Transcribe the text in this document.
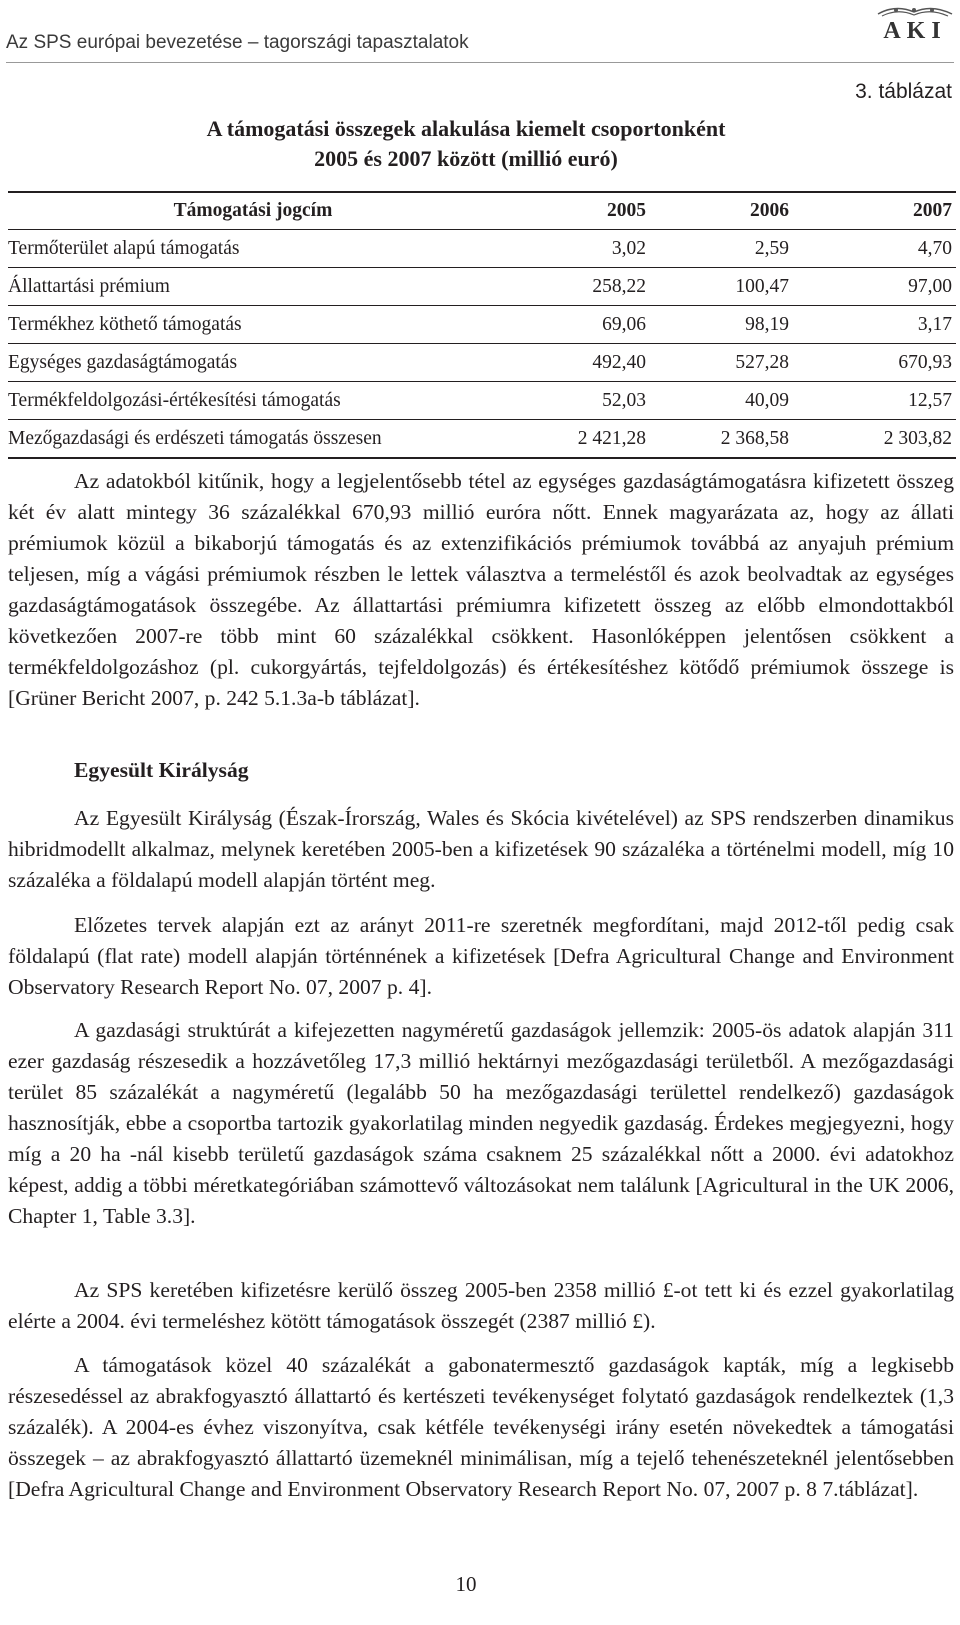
Az SPS európai bevezetése – tagországi tapasztalatok	AKI
3. táblázat
A támogatási összegek alakulása kiemelt csoportonként
2005 és 2007 között (millió euró)
Támogatási jogcím	2005	2006	2007
Termőterület alapú támogatás	3,02	2,59	4,70
Állattartási prémium	258,22	100,47	97,00
Termékhez köthető támogatás	69,06	98,19	3,17
Egységes gazdaságtámogatás	492,40	527,28	670,93
Termékfeldolgozási-értékesítési támogatás	52,03	40,09	12,57
Mezőgazdasági és erdészeti támogatás összesen	2 421,28	2 368,58	2 303,82

Az adatokból kitűnik, hogy a legjelentősebb tétel az egységes gazdaságtámogatásra kifizetett összeg két év alatt mintegy 36 százalékkal 670,93 millió euróra nőtt. Ennek magyarázata az, hogy az állati prémiumok közül a bikaborjú támogatás és az extenzifikációs prémiumok továbbá az anyajuh prémium teljesen, míg a vágási prémiumok részben le lettek választva a termeléstől és azok beolvadtak az egységes gazdaságtámogatások összegébe. Az állattartási prémiumra kifizetett összeg az előbb elmondottakból következően 2007-re több mint 60 százalékkal csökkent. Hasonlóképpen jelentősen csökkent a termékfeldolgozáshoz (pl. cukorgyártás, tejfeldolgozás) és értékesítéshez kötődő prémiumok összege is [Grüner Bericht 2007, p. 242 5.1.3a-b táblázat].

Egyesült Királyság

Az Egyesült Királyság (Észak-Írország, Wales és Skócia kivételével) az SPS rendszerben dinamikus hibridmodellt alkalmaz, melynek keretében 2005-ben a kifizetések 90 százaléka a történelmi modell, míg 10 százaléka a földalapú modell alapján történt meg.

Előzetes tervek alapján ezt az arányt 2011-re szeretnék megfordítani, majd 2012-től pedig csak földalapú (flat rate) modell alapján történnének a kifizetések [Defra Agricultural Change and Environment Observatory Research Report No. 07, 2007 p. 4].

A gazdasági struktúrát a kifejezetten nagyméretű gazdaságok jellemzik: 2005-ös adatok alapján 311 ezer gazdaság részesedik a hozzávetőleg 17,3 millió hektárnyi mezőgazdasági területből. A mezőgazdasági terület 85 százalékát a nagyméretű (legalább 50 ha mezőgazdasági területtel rendelkező) gazdaságok hasznosítják, ebbe a csoportba tartozik gyakorlatilag minden negyedik gazdaság. Érdekes megjegyezni, hogy míg a 20 ha -nál kisebb területű gazdaságok száma csaknem 25 százalékkal nőtt a 2000. évi adatokhoz képest, addig a többi méretkategóriában számottevő változásokat nem találunk [Agricultural in the UK 2006, Chapter 1, Table 3.3].

Az SPS keretében kifizetésre kerülő összeg 2005-ben 2358 millió £-ot tett ki és ezzel gyakorlatilag elérte a 2004. évi termeléshez kötött támogatások összegét (2387 millió £).

A támogatások közel 40 százalékát a gabonatermesztő gazdaságok kapták, míg a legkisebb részesedéssel az abrakfogyasztó állattartó és kertészeti tevékenységet folytató gazdaságok rendelkeztek (1,3 százalék). A 2004-es évhez viszonyítva, csak kétféle tevékenységi irány esetén növekedtek a támogatási összegek – az abrakfogyasztó állattartó üzemeknél minimálisan, míg a tejelő tehenészeteknél jelentősebben [Defra Agricultural Change and Environment Observatory Research Report No. 07, 2007 p. 8 7.táblázat].

10
